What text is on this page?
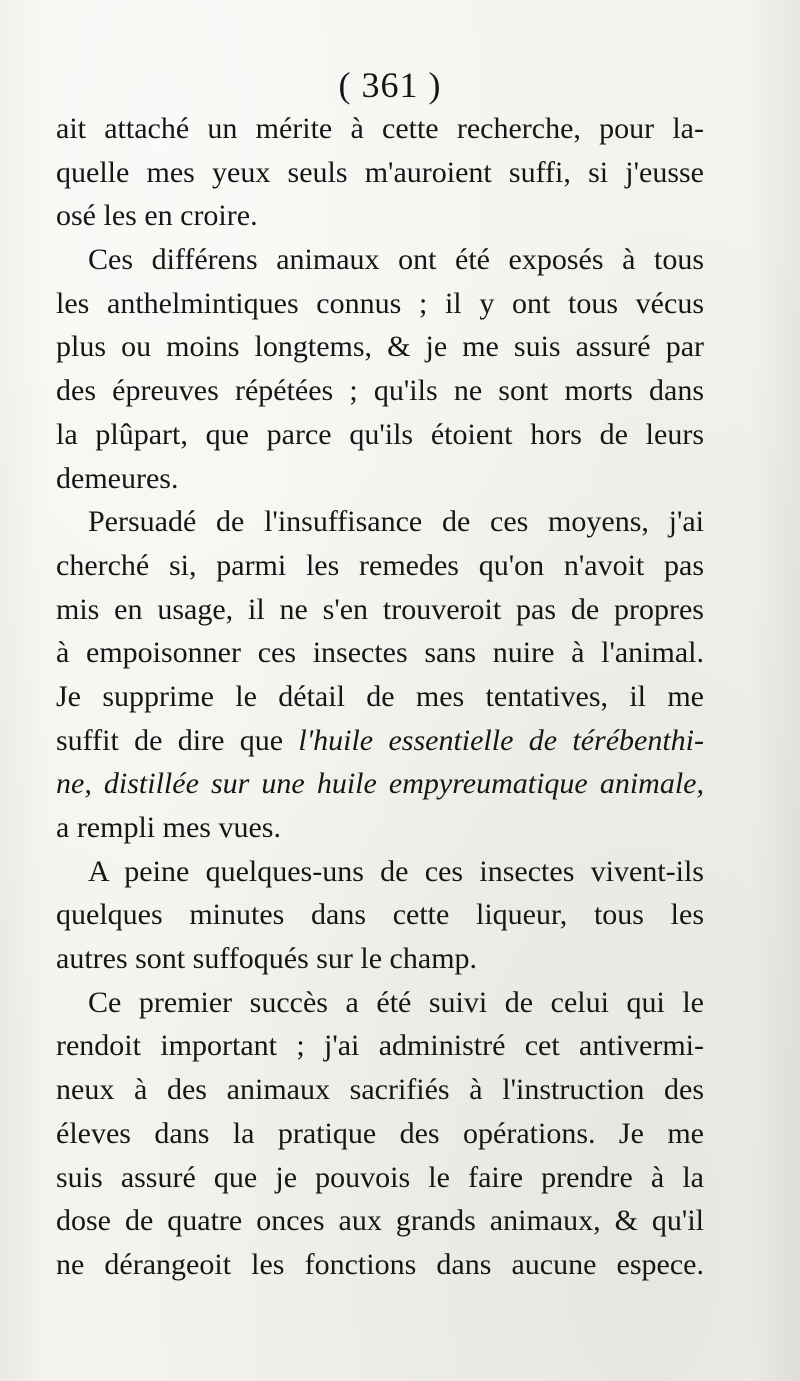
( 361 )
ait attaché un mérite à cette recherche, pour la-
quelle mes yeux seuls m'auroient suffi, si j'eusse
osé les en croire.
Ces différens animaux ont été exposés à tous
les anthelmintiques connus ; il y ont tous vécus
plus ou moins longtems, & je me suis assuré par
des épreuves répétées ; qu'ils ne sont morts dans
la plûpart, que parce qu'ils étoient hors de leurs
demeures.
Persuadé de l'insuffisance de ces moyens, j'ai
cherché si, parmi les remedes qu'on n'avoit pas
mis en usage, il ne s'en trouveroit pas de propres
à empoisonner ces insectes sans nuire à l'animal.
Je supprime le détail de mes tentatives, il me
suffit de dire que l'huile essentielle de térébenthi-
ne, distillée sur une huile empyreumatique animale,
a rempli mes vues.
A peine quelques-uns de ces insectes vivent-ils
quelques minutes dans cette liqueur, tous les
autres sont suffoqués sur le champ.
Ce premier succès a été suivi de celui qui le
rendoit important ; j'ai administré cet antivermi-
neux à des animaux sacrifiés à l'instruction des
éleves dans la pratique des opérations. Je me
suis assuré que je pouvois le faire prendre à la
dose de quatre onces aux grands animaux, & qu'il
ne dérangeoit les fonctions dans aucune espece.
